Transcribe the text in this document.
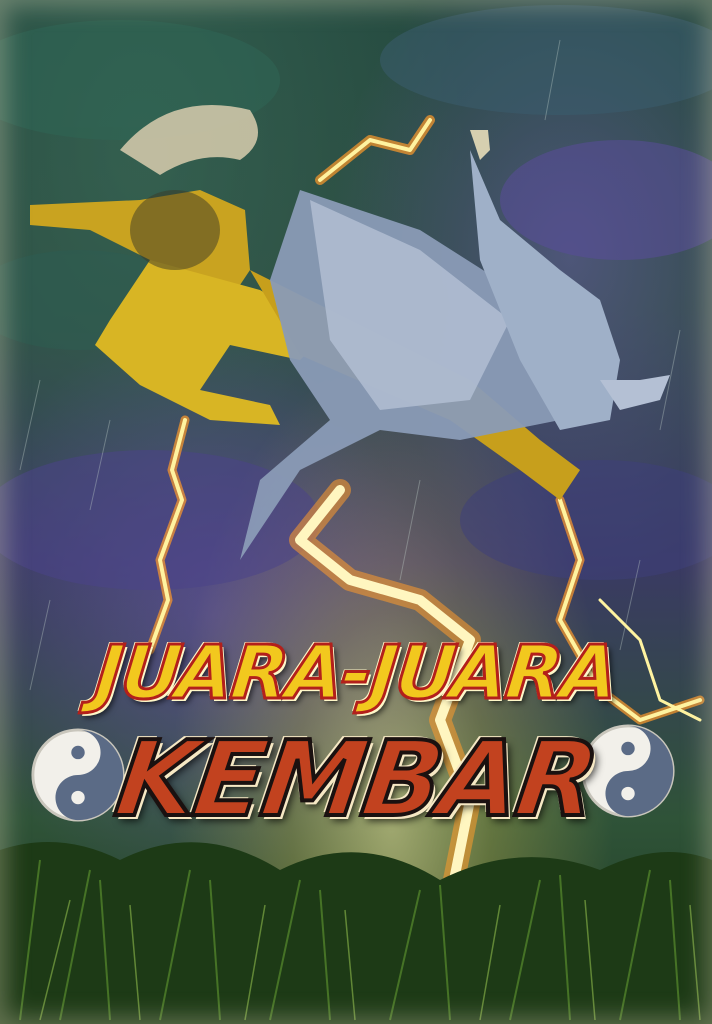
JUARA-JUARA
KEMBAR
